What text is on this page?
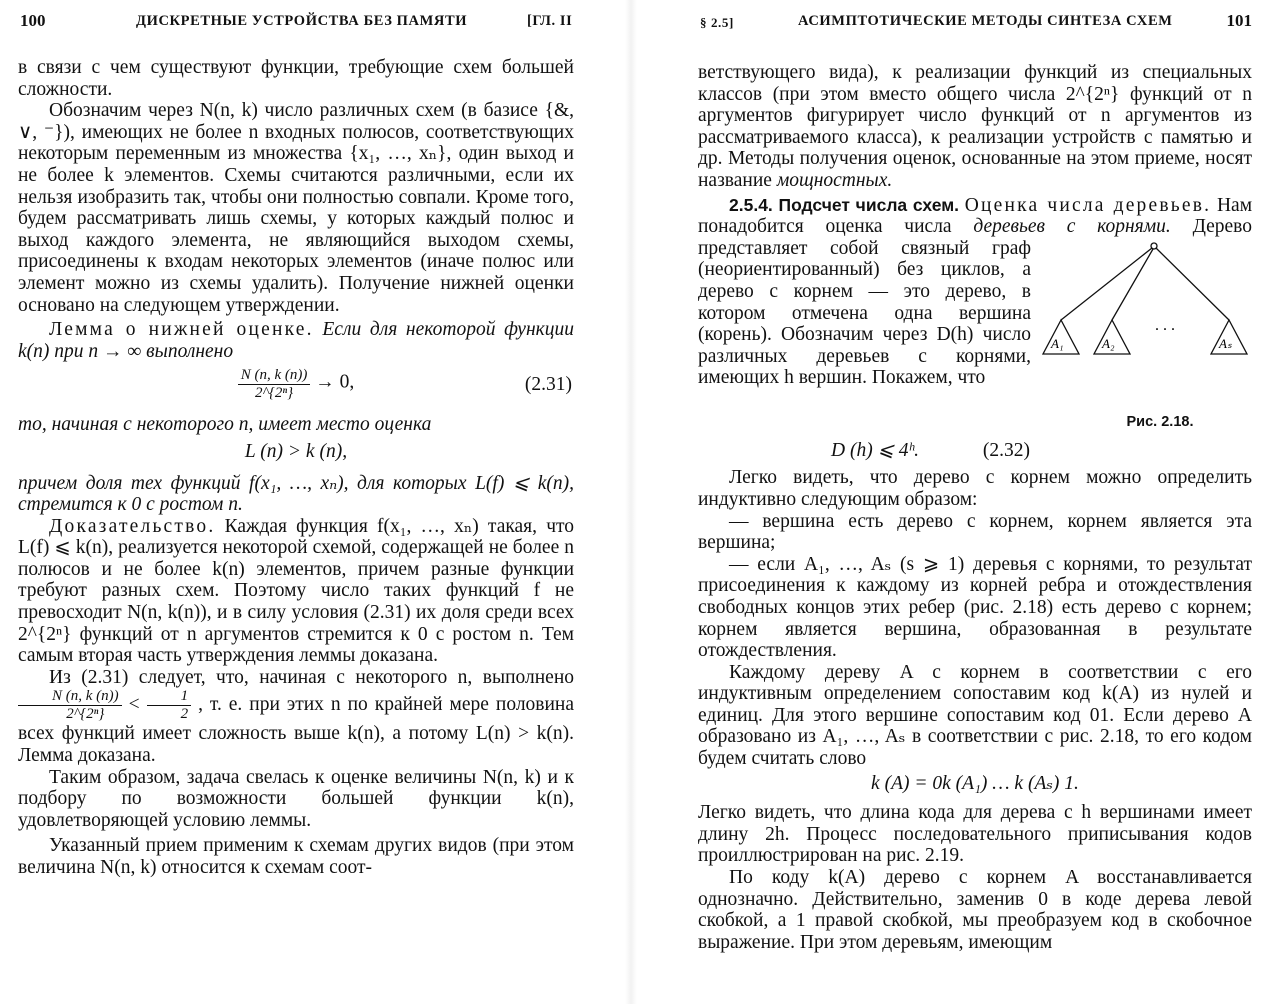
100	ДИСКРЕТНЫЕ УСТРОЙСТВА БЕЗ ПАМЯТИ	[ГЛ. II

в связи с чем существуют функции, требующие схем большей сложности.

Обозначим через N(n, k) число различных схем (в базисе {&, ∨, ⁻}), имеющих не более n входных полюсов, соответствующих некоторым переменным из множества {x₁, …, xₙ}, один выход и не более k элементов. Схемы считаются различными, если их нельзя изобразить так, чтобы они полностью совпали. Кроме того, будем рассматривать лишь схемы, у которых каждый полюс и выход каждого элемента, не являющийся выходом схемы, присоединены к входам некоторых элементов (иначе полюс или элемент можно из схемы удалить). Получение нижней оценки основано на следующем утверждении.

Лемма о нижней оценке. Если для некоторой функции k(n) при n → ∞ выполнено

$\frac{N (n, k (n))}{\text{2\textasciicircum{}\{2ⁿ\}}} \to 0$,	(2.31)

то, начиная с некоторого n, имеет место оценка

L (n) > k (n),

причем доля тех функций f(x₁, …, xₙ), для которых L(f) ⩽ k(n), стремится к 0 с ростом n.

Доказательство. Каждая функция f(x₁, …, xₙ) такая, что L(f) ⩽ k(n), реализуется некоторой схемой, содержащей не более n полюсов и не более k(n) элементов, причем разные функции требуют разных схем. Поэтому число таких функций f не превосходит N(n, k(n)), и в силу условия (2.31) их доля среди всех 2^{2ⁿ} функций от n аргументов стремится к 0 с ростом n. Тем самым вторая часть утверждения леммы доказана.

Из (2.31) следует, что, начиная с некоторого n, выполнено
$\frac{N (n, k (n))}{\text{2\textasciicircum{}\{2ⁿ\}}} < \frac{1}{2}$ , т. е. при этих n по крайней мере половина всех функций имеет сложность выше k(n), а потому L(n) > k(n). Лемма доказана.

Таким образом, задача свелась к оценке величины N(n, k) и к подбору по возможности большей функции k(n), удовлетворяющей условию леммы.

Указанный прием применим к схемам других видов (при этом величина N(n, k) относится к схемам соот-

§ 2.5]	АСИМПТОТИЧЕСКИЕ МЕТОДЫ СИНТЕЗА СХЕМ	101

ветствующего вида), к реализации функций из специальных классов (при этом вместо общего числа 2^{2ⁿ} функций от n аргументов фигурирует число функций от n аргументов из рассматриваемого класса), к реализации устройств с памятью и др. Методы получения оценок, основанные на этом приеме, носят название мощностных.

2.5.4. Подсчет числа схем. Оценка числа деревьев. Нам понадобится оценка числа деревьев с корнями.
A₁	A₂	Aₛ
. . .
Рис. 2.18.
Дерево представляет собой связный граф (неориентированный) без циклов, а дерево с корнем — это дерево, в котором отмечена одна вершина (корень). Обозначим через D(h) число различных деревьев с корнями, имеющих h вершин. Покажем, что

D (h) ⩽ 4ʰ.	(2.32)

Легко видеть, что дерево с корнем можно определить индуктивно следующим образом:

— вершина есть дерево с корнем, корнем является эта вершина;

— если A₁, …, Aₛ (s ⩾ 1) деревья с корнями, то результат присоединения к каждому из корней ребра и отождествления свободных концов этих ребер (рис. 2.18) есть дерево с корнем; корнем является вершина, образованная в результате отождествления.

Каждому дереву A с корнем в соответствии с его индуктивным определением сопоставим код k(A) из нулей и единиц. Для этого вершине сопоставим код 01. Если дерево A образовано из A₁, …, Aₛ в соответствии с рис. 2.18, то его кодом будем считать слово

k (A) = 0k (A₁) … k (Aₛ) 1.

Легко видеть, что длина кода для дерева с h вершинами имеет длину 2h. Процесс последовательного приписывания кодов проиллюстрирован на рис. 2.19.

По коду k(A) дерево с корнем A восстанавливается однозначно. Действительно, заменив 0 в коде дерева левой скобкой, а 1 правой скобкой, мы преобразуем код в скобочное выражение. При этом деревьям, имеющим
